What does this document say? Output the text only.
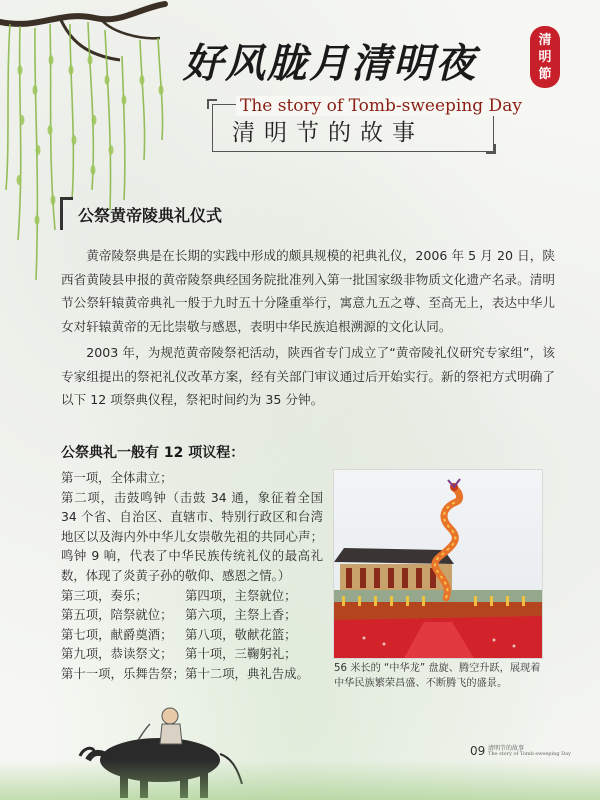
好风胧月清明夜	清
明
節
The story of Tomb-sweeping Day
清明节的故事
公祭黄帝陵典礼仪式

黄帝陵祭典是在长期的实践中形成的颇具规模的祀典礼仪，2006 年 5 月 20 日，陕西省黄陵县申报的黄帝陵祭典经国务院批准列入第一批国家级非物质文化遗产名录。清明节公祭轩辕黄帝典礼一般于九时五十分隆重举行，寓意九五之尊、至高无上，表达中华儿女对轩辕黄帝的无比崇敬与感恩，表明中华民族追根溯源的文化认同。

2003 年，为规范黄帝陵祭祀活动，陕西省专门成立了“黄帝陵礼仪研究专家组”，该专家组提出的祭祀礼仪改革方案，经有关部门审议通过后开始实行。新的祭祀方式明确了以下 12 项祭典仪程，祭祀时间约为 35 分钟。

公祭典礼一般有 12 项议程：
第一项，全体肃立；
第二项，击鼓鸣钟（击鼓 34 通，象征着全国 34 个省、自治区、直辖市、特别行政区和台湾地区以及海内外中华儿女崇敬先祖的共同心声；鸣钟 9 响，代表了中华民族传统礼仪的最高礼数，体现了炎黄子孙的敬仰、感恩之情。）
第三项，奏乐；	第四项，主祭就位；
第五项，陪祭就位；	第六项，主祭上香；
第七项，献爵奠酒；	第八项，敬献花篮；
第九项，恭读祭文；	第十项，三鞠躬礼；
第十一项，乐舞告祭； 第十二项，典礼告成。 56 米长的 “中华龙” 盘旋、腾空升跃，展现着中华民族繁荣昌盛、不断腾飞的盛景。

09 清明节的故事
The story of Tomb-sweeping Day
